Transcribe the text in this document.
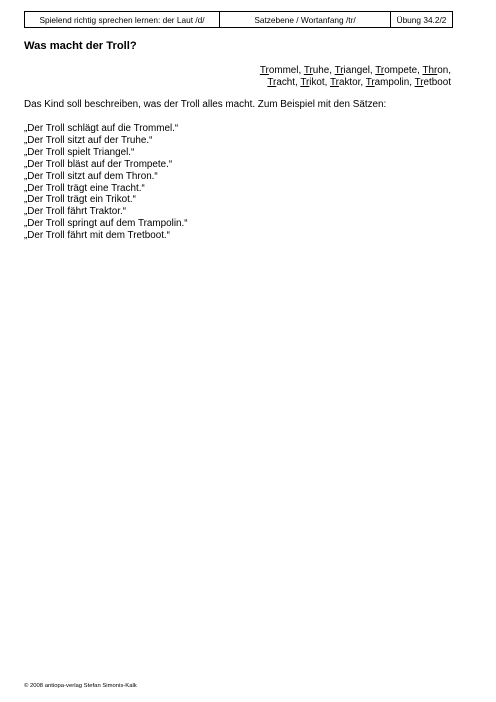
Spielend richtig sprechen lernen: der Laut /d/	Satzebene / Wortanfang /tr/	Übung 34.2/2
Was macht der Troll?
Trommel, Truhe, Triangel, Trompete, Thron,
Tracht, Trikot, Traktor, Trampolin, Tretboot
Das Kind soll beschreiben, was der Troll alles macht. Zum Beispiel mit den Sätzen:
„Der Troll schlägt auf die Trommel.“
„Der Troll sitzt auf der Truhe.“
„Der Troll spielt Triangel.“
„Der Troll bläst auf der Trompete.“
„Der Troll sitzt auf dem Thron.“
„Der Troll trägt eine Tracht.“
„Der Troll trägt ein Trikot.“
„Der Troll fährt Traktor.“
„Der Troll springt auf dem Trampolin.“
„Der Troll fährt mit dem Tretboot.“
© 2008 antiopa-verlag Stefan Simonis-Kalk
